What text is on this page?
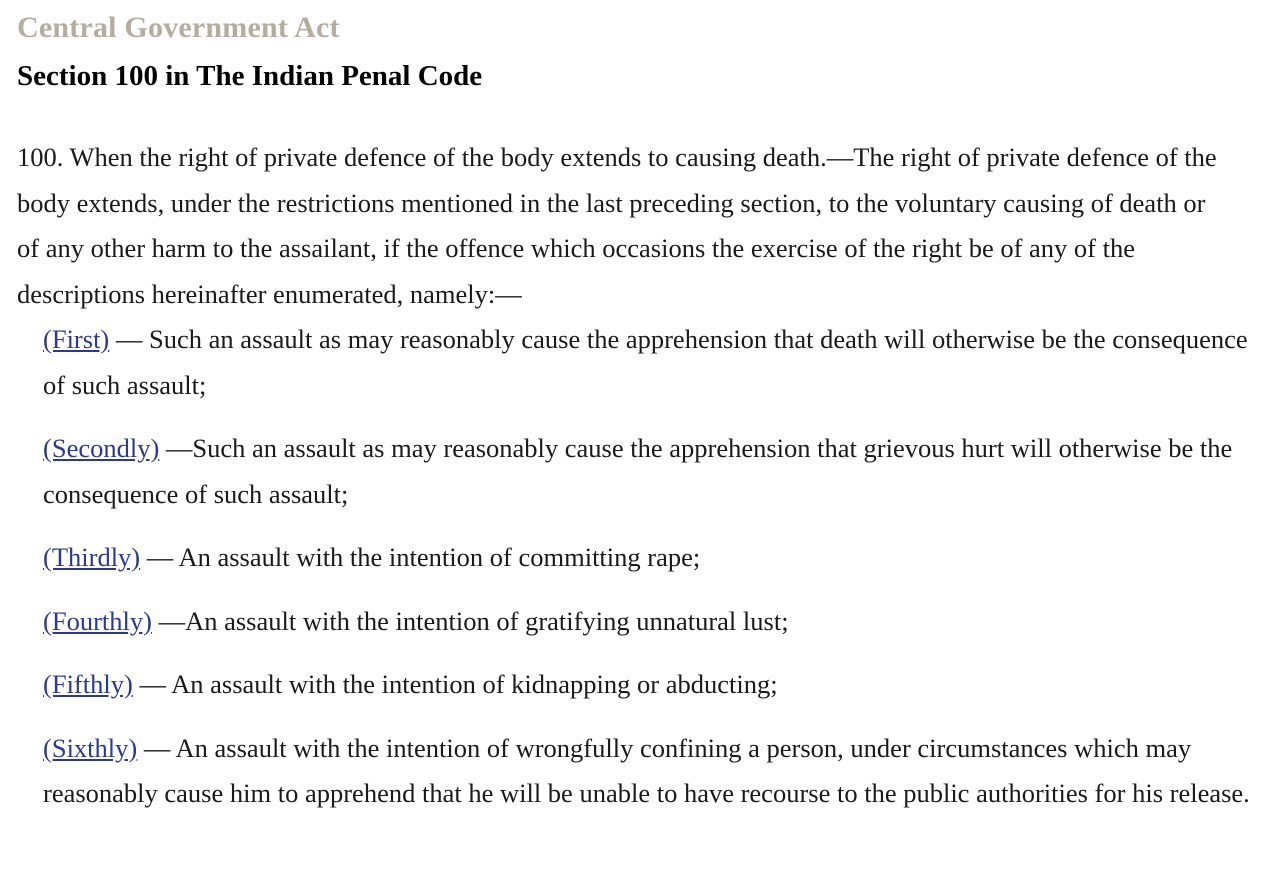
Central Government Act
Section 100 in The Indian Penal Code

100. When the right of private defence of the body extends to causing death.—The right of private defence of the body extends, under the restrictions mentioned in the last preceding section, to the voluntary causing of death or of any other harm to the assailant, if the offence which occasions the exercise of the right be of any of the descriptions hereinafter enumerated, namely:—

(First) — Such an assault as may reasonably cause the apprehension that death will otherwise be the consequence of such assault;

(Secondly) —Such an assault as may reasonably cause the apprehension that grievous hurt will otherwise be the consequence of such assault;

(Thirdly) — An assault with the intention of committing rape;

(Fourthly) —An assault with the intention of gratifying unnatural lust;

(Fifthly) — An assault with the intention of kidnapping or abducting;

(Sixthly) — An assault with the intention of wrongfully confining a person, under circumstances which may reasonably cause him to apprehend that he will be unable to have recourse to the public authorities for his release.
